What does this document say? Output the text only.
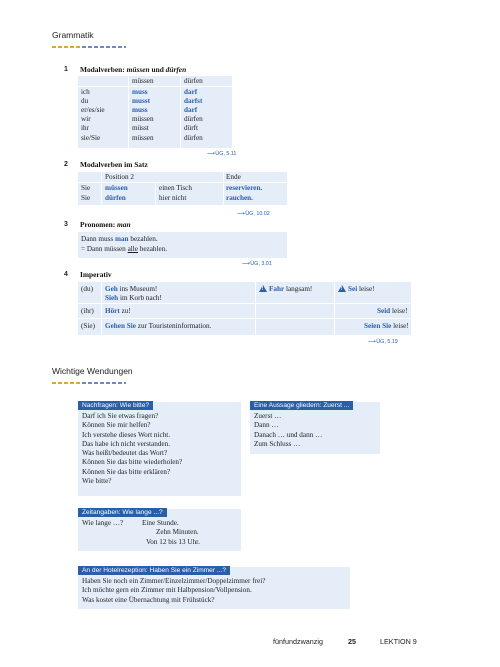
Grammatik
1 Modalverben: müssen und dürfen
müssen	dürfen
ich	muss	darf
du	musst	darfst
er/es/sie	muss	darf
wir	müssen	dürfen
ihr	müsst	dürft
sie/Sie	müssen	dürfen
⟶ ÜG, 5.11
2 Modalverben im Satz
Position 2	Ende
Sie müssen	einen Tisch	reservieren.
Sie dürfen	hier nicht	rauchen.
⟶ ÜG, 10.02
3 Pronomen: man
Dann muss man bezahlen.
= Dann müssen alle bezahlen.
⟶ ÜG, 3.01
4 Imperativ
(du) Geh ins Museum!
Sieh im Korb nach!
!Fahr langsam!
!	Sei leise!
(ihr) Hört zu!	Seid leise!
(Sie) Gehen Sie zur Touristeninformation.	Seien Sie leise!
⟶ ÜG, 5.19
Wichtige Wendungen
Nachfragen: Wie bitte?
Darf ich Sie etwas fragen?
Können Sie mir helfen?
Ich verstehe dieses Wort nicht.
Das habe ich nicht verstanden.
Was heißt/bedeutet das Wort?
Können Sie das bitte wiederholen?
Können Sie das bitte erklären?
Wie bitte?
Eine Aussage gliedern: Zuerst ...
Zuerst …
Dann …
Danach … und dann …
Zum Schluss …
Zeitangaben: Wie lange ...?
Wie lange …?	Eine Stunde.
Zehn Minuten.
Von 12 bis 13 Uhr.
An der Hotelrezeption: Haben Sie ein Zimmer ...?
Haben Sie noch ein Zimmer/Einzelzimmer/Doppelzimmer frei?
Ich möchte gern ein Zimmer mit Halbpension/Vollpension.
Was kostet eine Übernachtung mit Frühstück?
fünfundzwanzig	25	LEKTION 9
